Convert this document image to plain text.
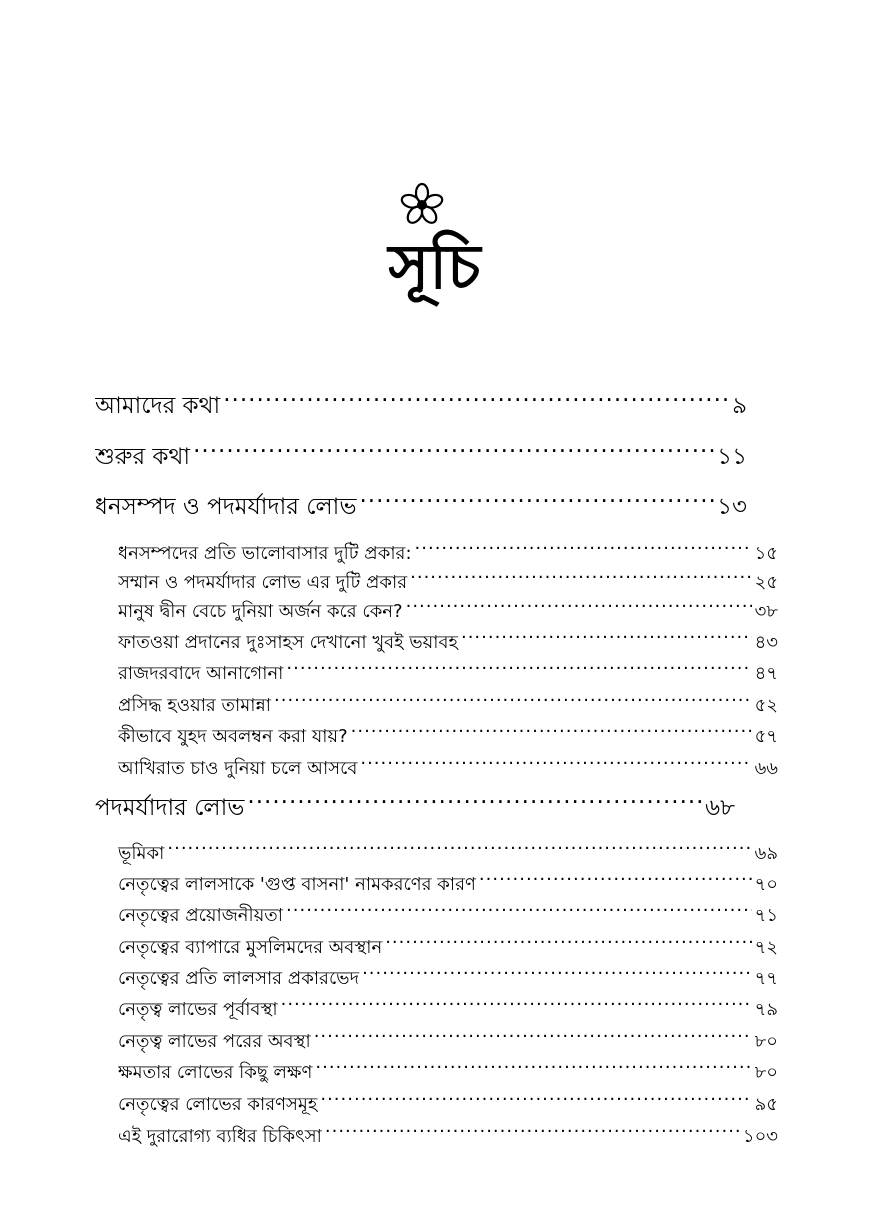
সূচি
আমাদের কথা .....	৯
শুরুর কথা .....	১১
ধনসম্পদ ও পদমর্যাদার লোভ .....	১৩
ধনসম্পদের প্রতি ভালোবাসার দুটি প্রকার: .....	১৫
সম্মান ও পদমর্যাদার লোভ এর দুটি প্রকার .....	২৫
মানুষ দ্বীন বেচে দুনিয়া অর্জন করে কেন? .....	৩৮
ফাতওয়া প্রদানের দুঃসাহস দেখানো খুবই ভয়াবহ .....	৪৩
রাজদরবাদে আনাগোনা .....	৪৭
প্রসিদ্ধ হওয়ার তামান্না .....	৫২
কীভাবে যুহদ অবলম্বন করা যায়? .....	৫৭
আখিরাত চাও দুনিয়া চলে আসবে .....	৬৬
পদমর্যাদার লোভ .....	৬৮
ভূমিকা .....	৬৯
নেতৃত্বের লালসাকে 'গুপ্ত বাসনা' নামকরণের কারণ .....	৭০
নেতৃত্বের প্রয়োজনীয়তা .....	৭১
নেতৃত্বের ব্যাপারে মুসলিমদের অবস্থান .....	৭২
নেতৃত্বের প্রতি লালসার প্রকারভেদ .....	৭৭
নেতৃত্ব লাভের পূর্বাবস্থা .....	৭৯
নেতৃত্ব লাভের পরের অবস্থা .....	৮০
ক্ষমতার লোভের কিছু লক্ষণ .....	৮০
নেতৃত্বের লোভের কারণসমূহ .....	৯৫
এই দুরারোগ্য ব্যধির চিকিৎসা .....	১০৩
